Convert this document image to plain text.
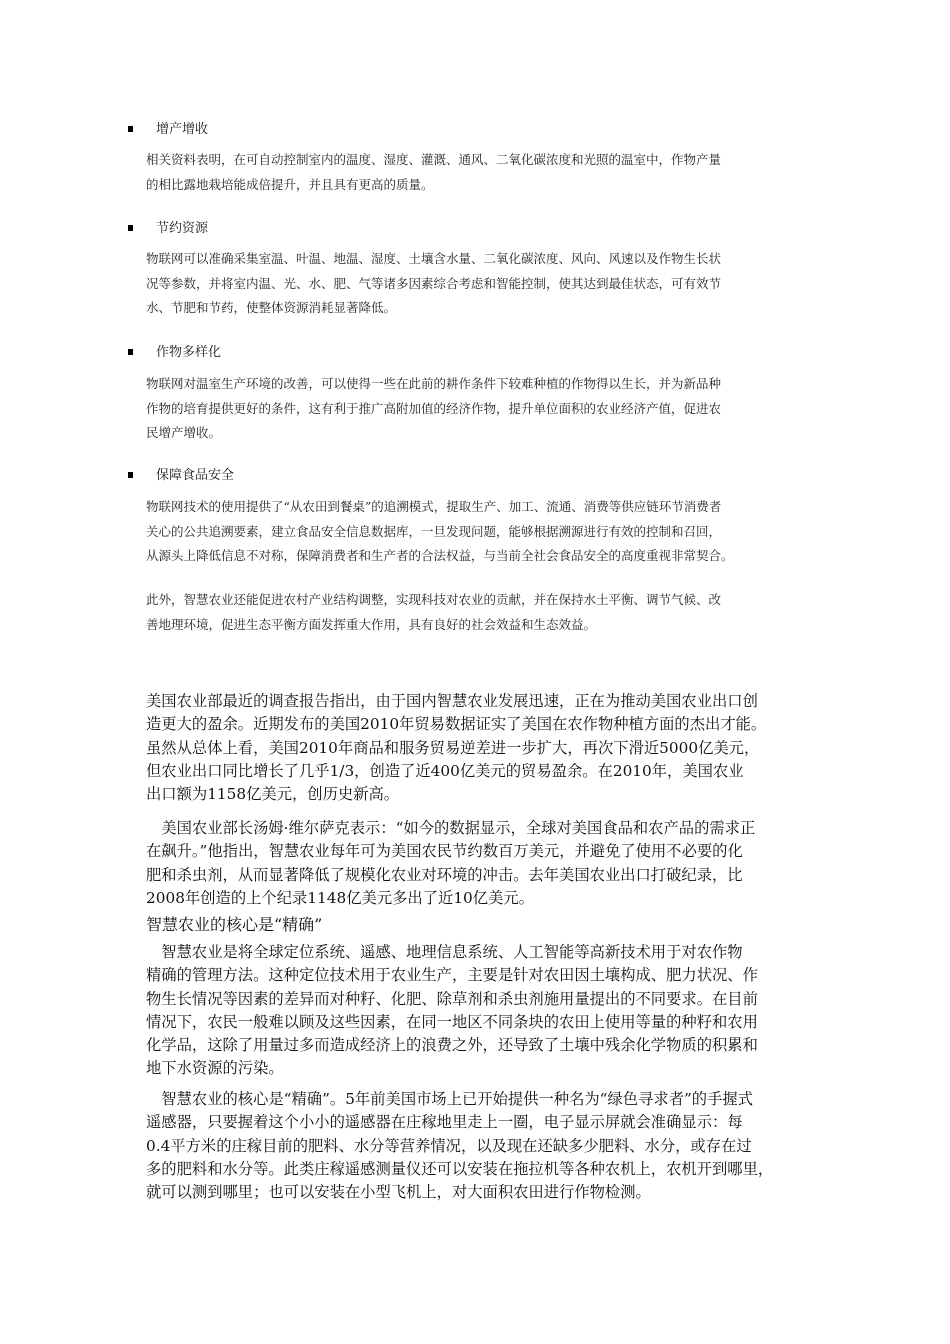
增产增收
相关资料表明，在可自动控制室内的温度、湿度、灌溉、通风、二氧化碳浓度和光照的温室中，作物产量
的相比露地栽培能成倍提升，并且具有更高的质量。
节约资源
物联网可以准确采集室温、叶温、地温、湿度、土壤含水量、二氧化碳浓度、风向、风速以及作物生长状
况等参数，并将室内温、光、水、肥、气等诸多因素综合考虑和智能控制，使其达到最佳状态，可有效节
水、节肥和节药，使整体资源消耗显著降低。
作物多样化
物联网对温室生产环境的改善，可以使得一些在此前的耕作条件下较难种植的作物得以生长，并为新品种
作物的培育提供更好的条件，这有利于推广高附加值的经济作物，提升单位面积的农业经济产值，促进农
民增产增收。
保障食品安全
物联网技术的使用提供了“从农田到餐桌”的追溯模式，提取生产、加工、流通、消费等供应链环节消费者
关心的公共追溯要素，建立食品安全信息数据库，一旦发现问题，能够根据溯源进行有效的控制和召回，
从源头上降低信息不对称，保障消费者和生产者的合法权益，与当前全社会食品安全的高度重视非常契合。
此外，智慧农业还能促进农村产业结构调整，实现科技对农业的贡献，并在保持水土平衡、调节气候、改
善地理环境，促进生态平衡方面发挥重大作用，具有良好的社会效益和生态效益。
美国农业部最近的调查报告指出，由于国内智慧农业发展迅速，正在为推动美国农业出口创
造更大的盈余。近期发布的美国2010年贸易数据证实了美国在农作物种植方面的杰出才能。
虽然从总体上看，美国2010年商品和服务贸易逆差进一步扩大，再次下滑近5000亿美元，
但农业出口同比增长了几乎1/3，创造了近400亿美元的贸易盈余。在2010年，美国农业
出口额为1158亿美元，创历史新高。
　美国农业部长汤姆·维尔萨克表示：“如今的数据显示，全球对美国食品和农产品的需求正
在飙升。”他指出，智慧农业每年可为美国农民节约数百万美元，并避免了使用不必要的化
肥和杀虫剂，从而显著降低了规模化农业对环境的冲击。去年美国农业出口打破纪录，比
2008年创造的上个纪录1148亿美元多出了近10亿美元。
智慧农业的核心是“精确”
　智慧农业是将全球定位系统、遥感、地理信息系统、人工智能等高新技术用于对农作物
精确的管理方法。这种定位技术用于农业生产，主要是针对农田因土壤构成、肥力状况、作
物生长情况等因素的差异而对种籽、化肥、除草剂和杀虫剂施用量提出的不同要求。在目前
情况下，农民一般难以顾及这些因素，在同一地区不同条块的农田上使用等量的种籽和农用
化学品，这除了用量过多而造成经济上的浪费之外，还导致了土壤中残余化学物质的积累和
地下水资源的污染。
　智慧农业的核心是“精确”。5年前美国市场上已开始提供一种名为“绿色寻求者”的手握式
遥感器，只要握着这个小小的遥感器在庄稼地里走上一圈，电子显示屏就会准确显示：每
0.4平方米的庄稼目前的肥料、水分等营养情况，以及现在还缺多少肥料、水分，或存在过
多的肥料和水分等。此类庄稼遥感测量仪还可以安装在拖拉机等各种农机上，农机开到哪里，
就可以测到哪里；也可以安装在小型飞机上，对大面积农田进行作物检测。
